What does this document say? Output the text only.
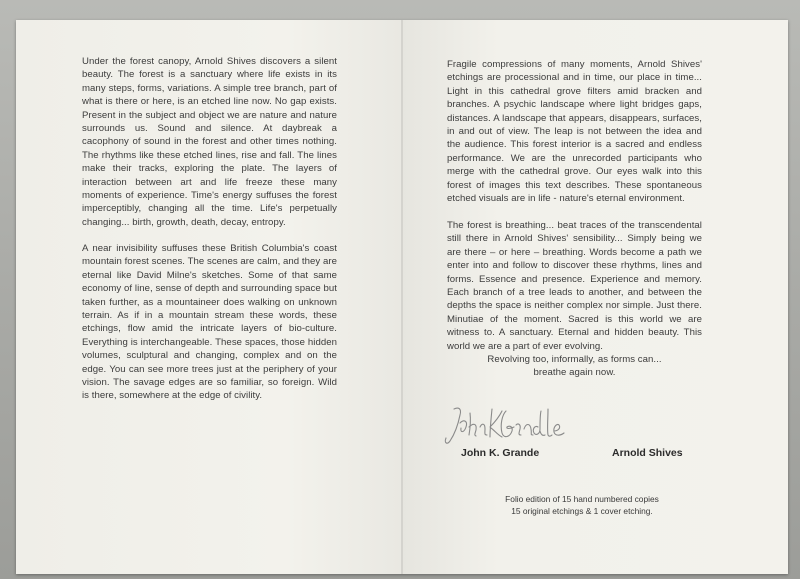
Under the forest canopy, Arnold Shives discovers a silent beauty. The forest is a sanctuary where life exists in its many steps, forms, variations. A simple tree branch, part of what is there or here, is an etched line now. No gap exists. Present in the subject and object we are nature and nature surrounds us. Sound and silence. At daybreak a cacophony of sound in the forest and other times nothing. The rhythms like these etched lines, rise and fall. The lines make their tracks, exploring the plate. The layers of interaction between art and life freeze these many moments of experience. Time's energy suffuses the forest imperceptibly, changing all the time. Life's perpetually changing... birth, growth, death, decay, entropy.

A near invisibility suffuses these British Columbia's coast mountain forest scenes. The scenes are calm, and they are eternal like David Milne's sketches. Some of that same economy of line, sense of depth and surrounding space but taken further, as a mountaineer does walking on unknown terrain. As if in a mountain stream these words, these etchings, flow amid the intricate layers of bio-culture. Everything is interchangeable. These spaces, those hidden volumes, sculptural and changing, complex and on the edge. You can see more trees just at the periphery of your vision. The savage edges are so familiar, so foreign. Wild is there, somewhere at the edge of civility.

Fragile compressions of many moments, Arnold Shives' etchings are processional and in time, our place in time... Light in this cathedral grove filters amid bracken and branches. A psychic landscape where light bridges gaps, distances. A landscape that appears, disappears, surfaces, in and out of view. The leap is not between the idea and the audience. This forest interior is a sacred and endless performance. We are the unrecorded participants who merge with the cathedral grove. Our eyes walk into this forest of images this text describes. These spontaneous etched visuals are in life - nature's eternal environment.

The forest is breathing... beat traces of the transcendental still there in Arnold Shives' sensibility... Simply being we are there – or here – breathing. Words become a path we enter into and follow to discover these rhythms, lines and forms. Essence and presence. Experience and memory. Each branch of a tree leads to another, and between the depths the space is neither complex nor simple. Just there. Minutiae of the moment. Sacred is this world we are witness to. A sanctuary. Eternal and hidden beauty. This world we are a part of ever evolving.

Revolving too, informally, as forms can...
breathe again now.
John K. Grande	Arnold Shives
Folio edition of 15 hand numbered copies
15 original etchings & 1 cover etching.
